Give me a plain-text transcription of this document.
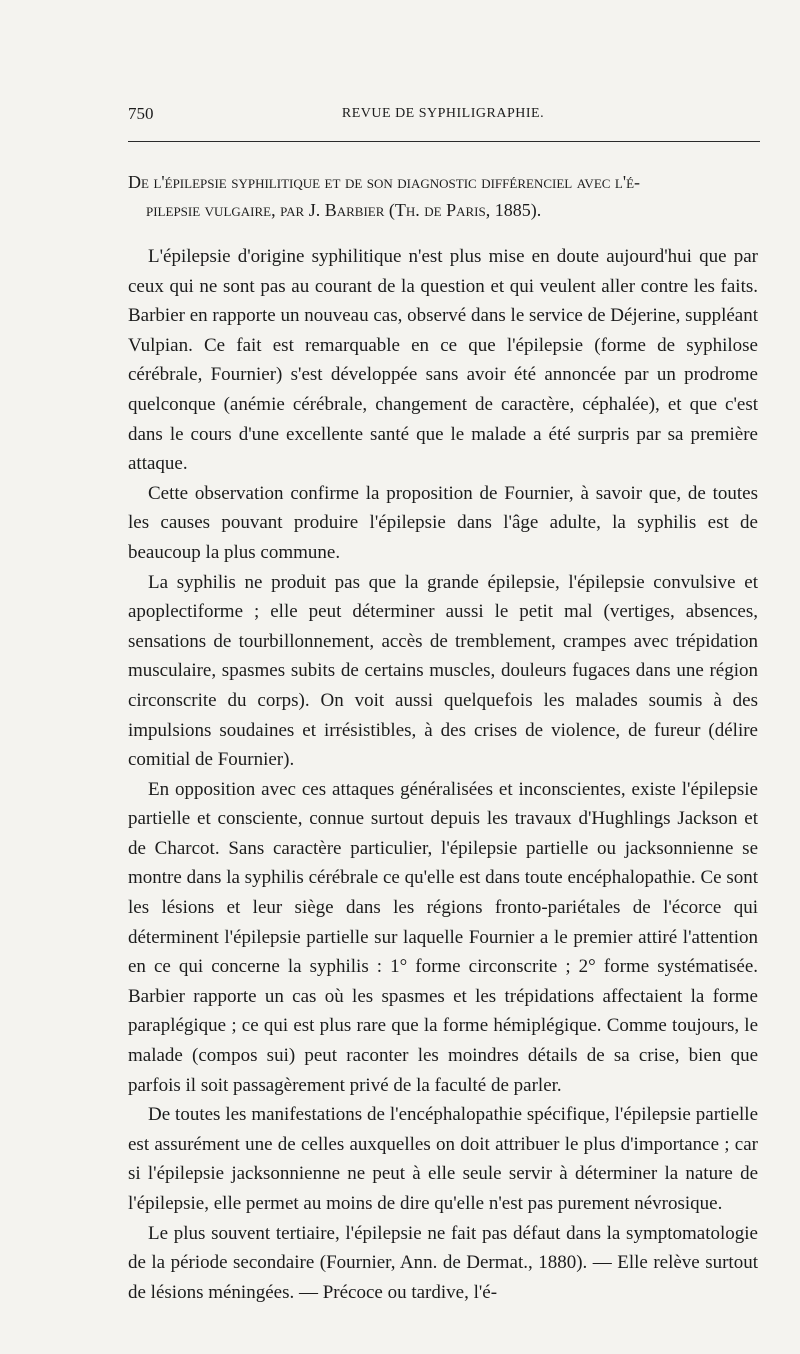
750	REVUE DE SYPHILIGRAPHIE.
De l'épilepsie syphilitique et de son diagnostic différenciel avec l'é-
pilepsie vulgaire, par J. Barbier (Th. de Paris, 1885).

L'épilepsie d'origine syphilitique n'est plus mise en doute aujourd'hui que par ceux qui ne sont pas au courant de la question et qui veulent aller contre les faits. Barbier en rapporte un nouveau cas, observé dans le service de Déjerine, suppléant Vulpian. Ce fait est remarquable en ce que l'épilepsie (forme de syphilose cérébrale, Fournier) s'est développée sans avoir été annoncée par un prodrome quelconque (anémie cérébrale, changement de caractère, céphalée), et que c'est dans le cours d'une excellente santé que le malade a été surpris par sa première attaque.

Cette observation confirme la proposition de Fournier, à savoir que, de toutes les causes pouvant produire l'épilepsie dans l'âge adulte, la syphilis est de beaucoup la plus commune.

La syphilis ne produit pas que la grande épilepsie, l'épilepsie convulsive et apoplectiforme ; elle peut déterminer aussi le petit mal (vertiges, absences, sensations de tourbillonnement, accès de tremblement, crampes avec trépidation musculaire, spasmes subits de certains muscles, douleurs fugaces dans une région circonscrite du corps). On voit aussi quelquefois les malades soumis à des impulsions soudaines et irrésistibles, à des crises de violence, de fureur (délire comitial de Fournier).

En opposition avec ces attaques généralisées et inconscientes, existe l'épilepsie partielle et consciente, connue surtout depuis les travaux d'Hughlings Jackson et de Charcot. Sans caractère particulier, l'épilepsie partielle ou jacksonnienne se montre dans la syphilis cérébrale ce qu'elle est dans toute encéphalopathie. Ce sont les lésions et leur siège dans les régions fronto-pariétales de l'écorce qui déterminent l'épilepsie partielle sur laquelle Fournier a le premier attiré l'attention en ce qui concerne la syphilis : 1° forme circonscrite ; 2° forme systématisée. Barbier rapporte un cas où les spasmes et les trépidations affectaient la forme paraplégique ; ce qui est plus rare que la forme hémiplégique. Comme toujours, le malade (compos sui) peut raconter les moindres détails de sa crise, bien que parfois il soit passagèrement privé de la faculté de parler.

De toutes les manifestations de l'encéphalopathie spécifique, l'épilepsie partielle est assurément une de celles auxquelles on doit attribuer le plus d'importance ; car si l'épilepsie jacksonnienne ne peut à elle seule servir à déterminer la nature de l'épilepsie, elle permet au moins de dire qu'elle n'est pas purement névrosique.

Le plus souvent tertiaire, l'épilepsie ne fait pas défaut dans la symptomatologie de la période secondaire (Fournier, Ann. de Dermat., 1880). — Elle relève surtout de lésions méningées. — Précoce ou tardive, l'é-
